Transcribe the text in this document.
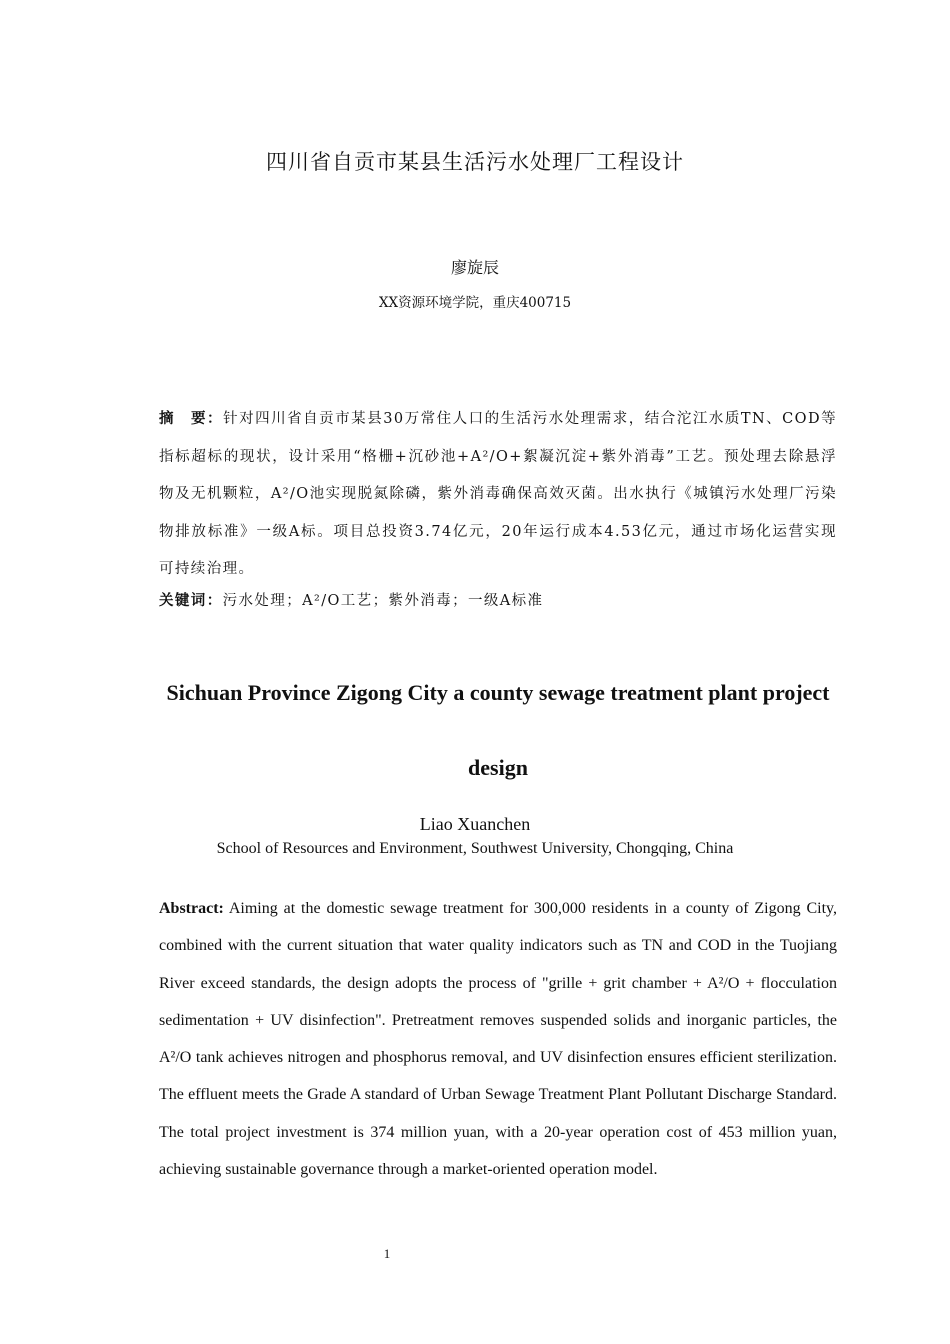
四川省自贡市某县生活污水处理厂工程设计
廖旋辰
XX资源环境学院，重庆400715
摘　要：针对四川省自贡市某县30万常住人口的生活污水处理需求，结合沱江水质TN、COD等指标超标的现状，设计采用“格栅+沉砂池+A²/O+絮凝沉淀+紫外消毒”工艺。预处理去除悬浮物及无机颗粒，A²/O池实现脱氮除磷，紫外消毒确保高效灭菌。出水执行《城镇污水处理厂污染物排放标准》一级A标。项目总投资3.74亿元，20年运行成本4.53亿元，通过市场化运营实现可持续治理。
关键词：污水处理；A²/O工艺；紫外消毒；一级A标准
Sichuan Province Zigong City a county sewage treatment plant project design
Liao Xuanchen
School of Resources and Environment, Southwest University, Chongqing, China
Abstract: Aiming at the domestic sewage treatment for 300,000 residents in a county of Zigong City, combined with the current situation that water quality indicators such as TN and COD in the Tuojiang River exceed standards, the design adopts the process of "grille + grit chamber + A²/O + flocculation sedimentation + UV disinfection". Pretreatment removes suspended solids and inorganic particles, the A²/O tank achieves nitrogen and phosphorus removal, and UV disinfection ensures efficient sterilization. The effluent meets the Grade A standard of Urban Sewage Treatment Plant Pollutant Discharge Standard. The total project investment is 374 million yuan, with a 20-year operation cost of 453 million yuan, achieving sustainable governance through a market-oriented operation model.
1
